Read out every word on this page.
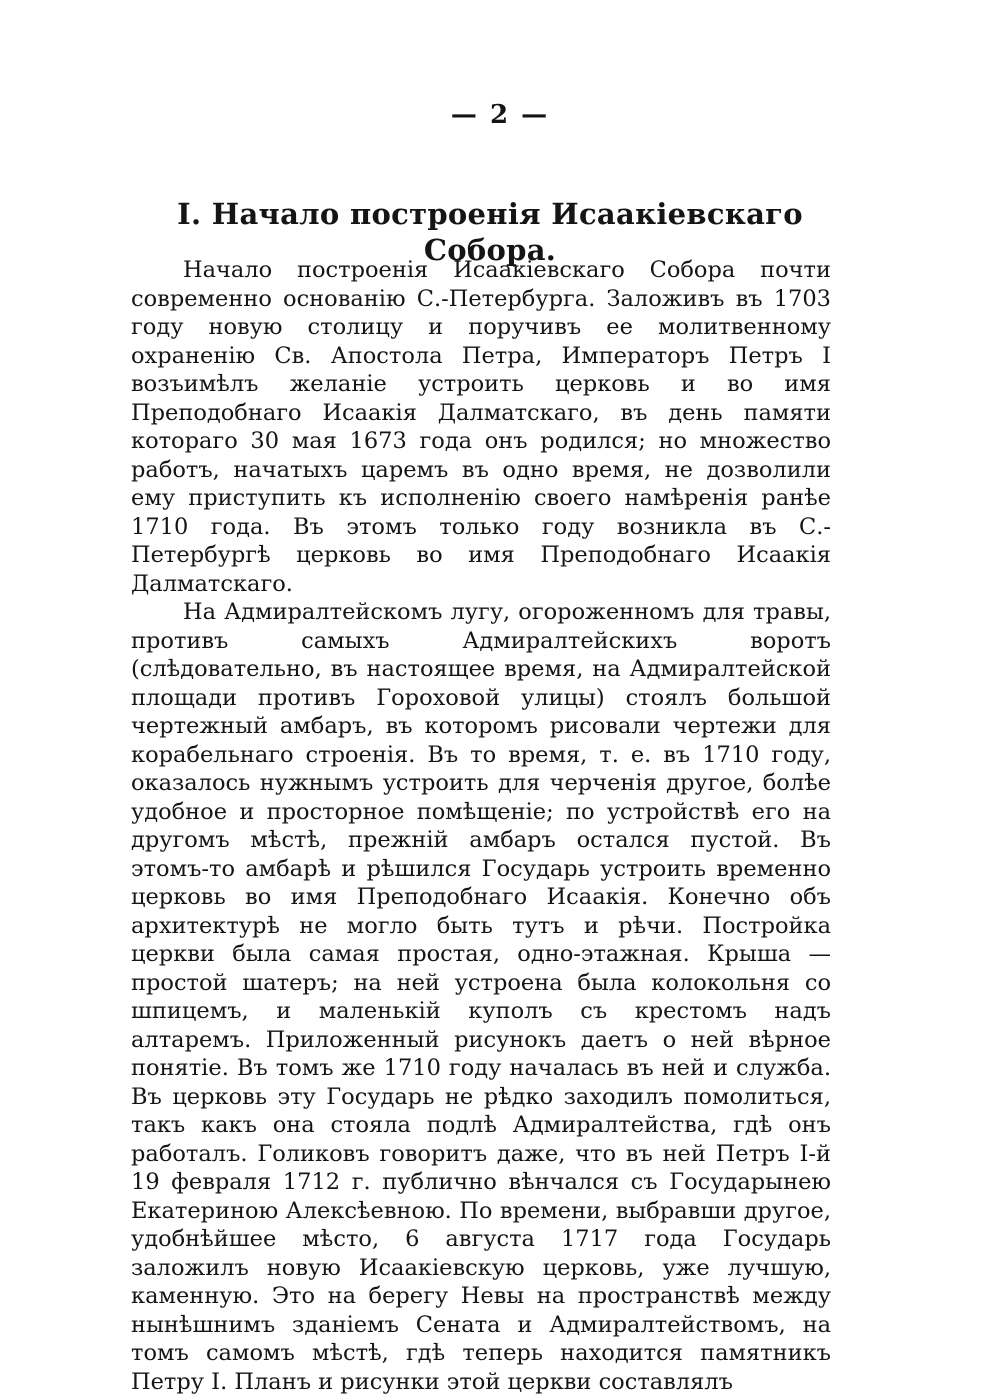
— 2 —
I. Начало построенія Исаакіевскаго Собора.

Начало построенія Исаакіевскаго Собора почти современно основанію С.-Петербурга. Заложивъ въ 1703 году новую столицу и поручивъ ее молитвенному охраненію Св. Апостола Петра, Императоръ Петръ I возъимѣлъ желаніе устроить церковь и во имя Преподобнаго Исаакія Далматскаго, въ день памяти котораго 30 мая 1673 года онъ родился; но множество работъ, начатыхъ царемъ въ одно время, не дозволили ему приступить къ исполненію своего намѣренія ранѣе 1710 года. Въ этомъ только году возникла въ С.-Петербургѣ церковь во имя Преподобнаго Исаакія Далматскаго.

На Адмиралтейскомъ лугу, огороженномъ для травы, противъ самыхъ Адмиралтейскихъ воротъ (слѣдовательно, въ настоящее время, на Адмиралтейской площади противъ Гороховой улицы) стоялъ большой чертежный амбаръ, въ которомъ рисовали чертежи для корабельнаго строенія. Въ то время, т. е. въ 1710 году, оказалось нужнымъ устроить для черченія другое, болѣе удобное и просторное помѣщеніе; по устройствѣ его на другомъ мѣстѣ, прежній амбаръ остался пустой. Въ этомъ-то амбарѣ и рѣшился Государь устроить временно церковь во имя Преподобнаго Исаакія. Конечно объ архитектурѣ не могло быть тутъ и рѣчи. Постройка церкви была самая простая, одно-этажная. Крыша — простой шатеръ; на ней устроена была колокольня со шпицемъ, и маленькій куполъ съ крестомъ надъ алтаремъ. Приложенный рисунокъ даетъ о ней вѣрное понятіе. Въ томъ же 1710 году началась въ ней и служба. Въ церковь эту Государь не рѣдко заходилъ помолиться, такъ какъ она стояла подлѣ Адмиралтейства, гдѣ онъ работалъ. Голиковъ говоритъ даже, что въ ней Петръ I-й 19 февраля 1712 г. публично вѣнчался съ Государынею Екатериною Алексѣевною. По времени, выбравши другое, удобнѣйшее мѣсто, 6 августа 1717 года Государь заложилъ новую Исаакіевскую церковь, уже лучшую, каменную. Это на берегу Невы на пространствѣ между нынѣшнимъ зданіемъ Сената и Адмиралтействомъ, на томъ самомъ мѣстѣ, гдѣ теперь находится памятникъ Петру I. Планъ и рисунки этой церкви составлялъ
